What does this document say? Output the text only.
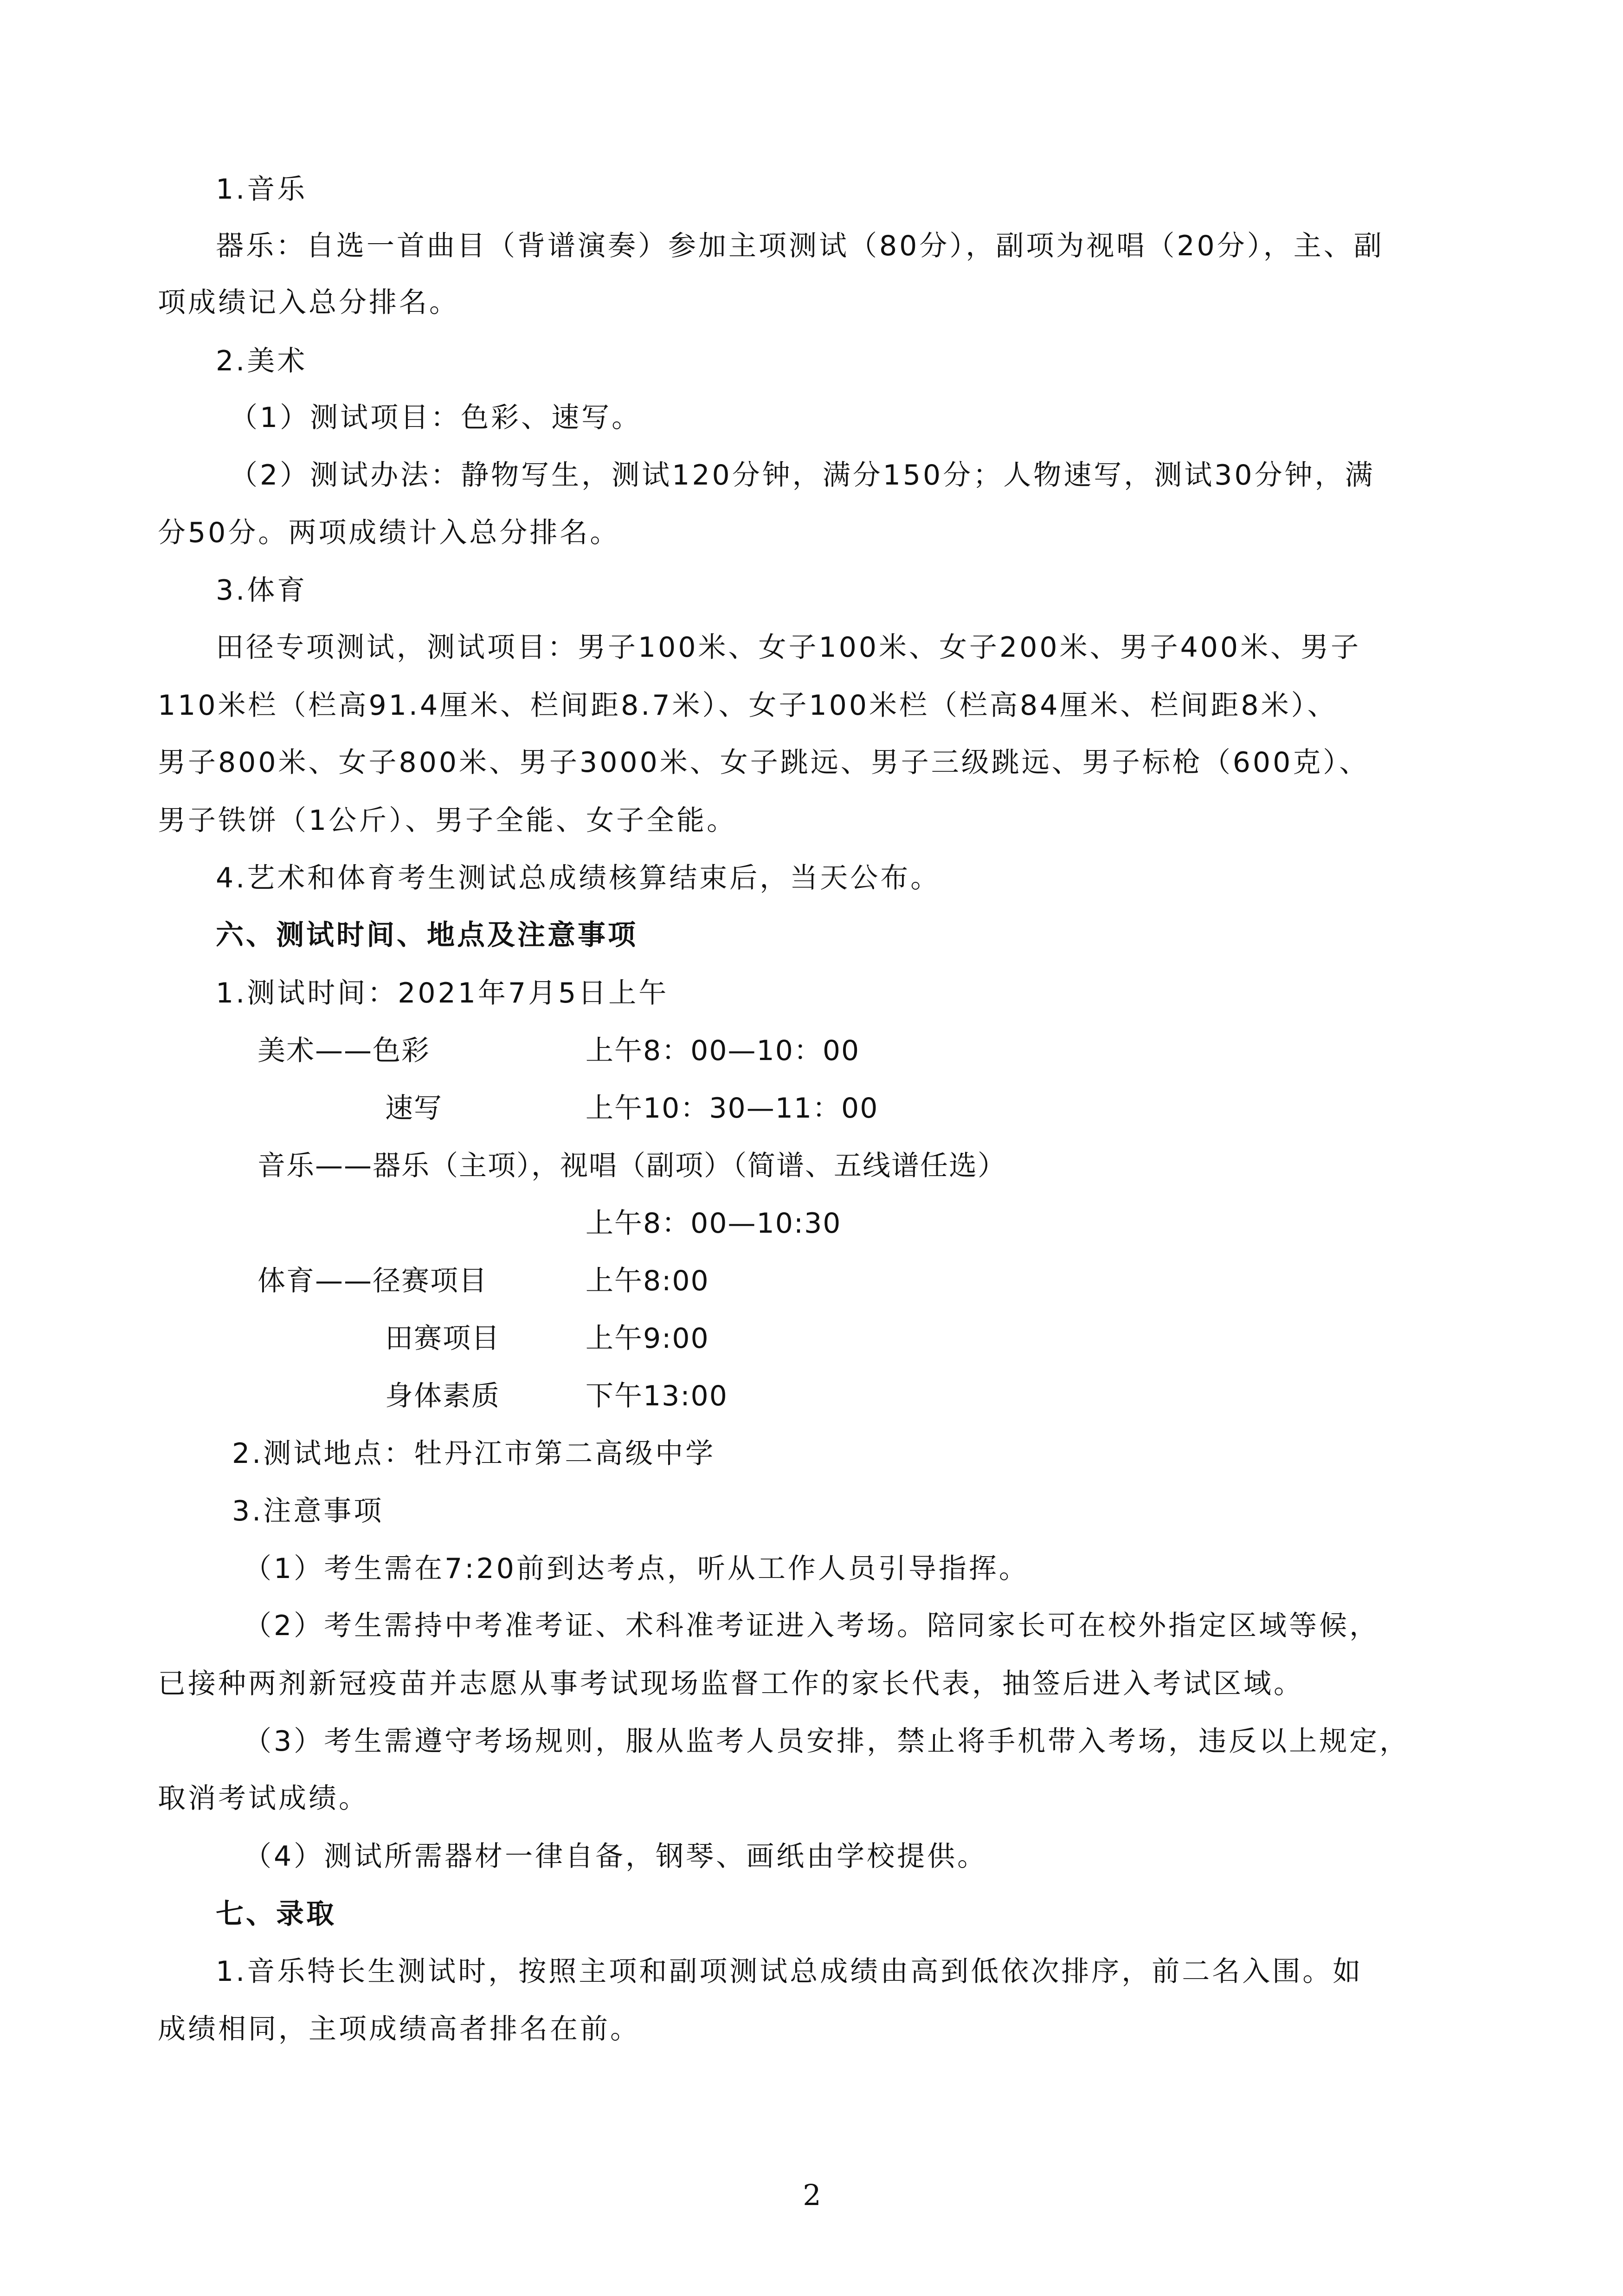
1.音乐
器乐：自选一首曲目（背谱演奏）参加主项测试（80分），副项为视唱（20分），主、副
项成绩记入总分排名。
2.美术
（1）测试项目：色彩、速写。
（2）测试办法：静物写生，测试120分钟，满分150分；人物速写，测试30分钟，满
分50分。两项成绩计入总分排名。
3.体育
田径专项测试，测试项目：男子100米、女子100米、女子200米、男子400米、男子
110米栏（栏高91.4厘米、栏间距8.7米）、女子100米栏（栏高84厘米、栏间距8米）、
男子800米、女子800米、男子3000米、女子跳远、男子三级跳远、男子标枪（600克）、
男子铁饼（1公斤）、男子全能、女子全能。
4.艺术和体育考生测试总成绩核算结束后，当天公布。
六、测试时间、地点及注意事项
1.测试时间：2021年7月5日上午
美术——色彩	上午8：00—10：00
速写	上午10：30—11：00
音乐——器乐（主项），视唱（副项）（简谱、五线谱任选）
上午8：00—10:30
体育——径赛项目	上午8:00
田赛项目	上午9:00
身体素质	下午13:00
2.测试地点：牡丹江市第二高级中学
3.注意事项
（1）考生需在7:20前到达考点，听从工作人员引导指挥。
（2）考生需持中考准考证、术科准考证进入考场。陪同家长可在校外指定区域等候，
已接种两剂新冠疫苗并志愿从事考试现场监督工作的家长代表，抽签后进入考试区域。
（3）考生需遵守考场规则，服从监考人员安排，禁止将手机带入考场，违反以上规定，
取消考试成绩。
（4）测试所需器材一律自备，钢琴、画纸由学校提供。
七、录取
1.音乐特长生测试时，按照主项和副项测试总成绩由高到低依次排序，前二名入围。如
成绩相同，主项成绩高者排名在前。
2
